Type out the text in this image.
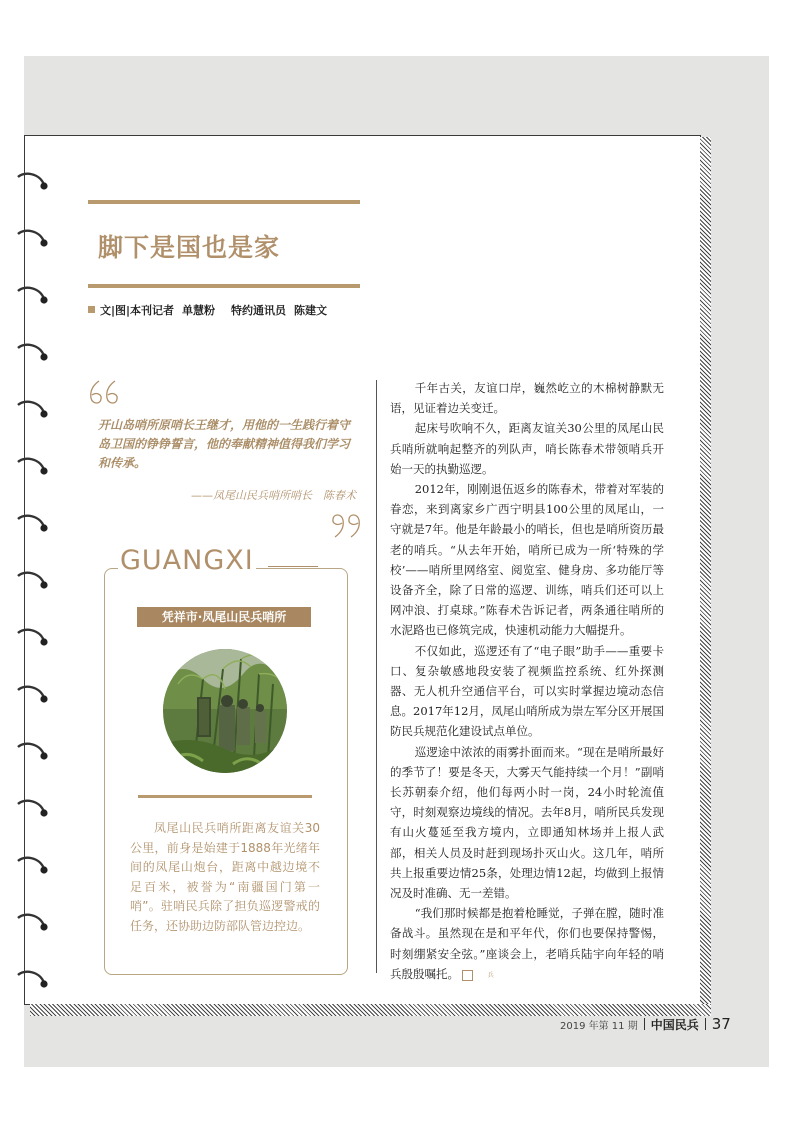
脚下是国也是家
文|图|本刊记者 单慧粉 特约通讯员 陈建文
开山岛哨所原哨长王继才，用他的一生践行着守岛卫国的铮铮誓言，他的奉献精神值得我们学习和传承。
——凤尾山民兵哨所哨长　陈春术
GUANGXI
凭祥市·凤尾山民兵哨所
凤尾山民兵哨所距离友谊关30公里，前身是始建于1888年光绪年间的凤尾山炮台，距离中越边境不足百米，被誉为“南疆国门第一哨”。驻哨民兵除了担负巡逻警戒的任务，还协助边防部队管边控边。

千年古关，友谊口岸，巍然屹立的木棉树静默无语，见证着边关变迁。

起床号吹响不久，距离友谊关30公里的凤尾山民兵哨所就响起整齐的列队声，哨长陈春术带领哨兵开始一天的执勤巡逻。

2012年，刚刚退伍返乡的陈春术，带着对军装的眷恋，来到离家乡广西宁明县100公里的凤尾山，一守就是7年。他是年龄最小的哨长，但也是哨所资历最老的哨兵。“从去年开始，哨所已成为一所‘特殊的学校’——哨所里网络室、阅览室、健身房、多功能厅等设备齐全，除了日常的巡逻、训练，哨兵们还可以上网冲浪、打桌球。”陈春术告诉记者，两条通往哨所的水泥路也已修筑完成，快速机动能力大幅提升。

不仅如此，巡逻还有了“电子眼”助手——重要卡口、复杂敏感地段安装了视频监控系统、红外探测器、无人机升空通信平台，可以实时掌握边境动态信息。2017年12月，凤尾山哨所成为崇左军分区开展国防民兵规范化建设试点单位。

巡逻途中浓浓的雨雾扑面而来。“现在是哨所最好的季节了！要是冬天，大雾天气能持续一个月！”副哨长苏朝泰介绍，他们每两小时一岗，24小时轮流值守，时刻观察边境线的情况。去年8月，哨所民兵发现有山火蔓延至我方境内，立即通知林场并上报人武部，相关人员及时赶到现场扑灭山火。这几年，哨所共上报重要边情25条，处理边情12起，均做到上报情况及时准确、无一差错。

“我们那时候都是抱着枪睡觉，子弹在膛，随时准备战斗。虽然现在是和平年代，你们也要保持警惕，时刻绷紧安全弦。”座谈会上，老哨兵陆宇向年轻的哨兵殷殷嘱托。	兵

2019 年第 11 期 中国民兵 37
